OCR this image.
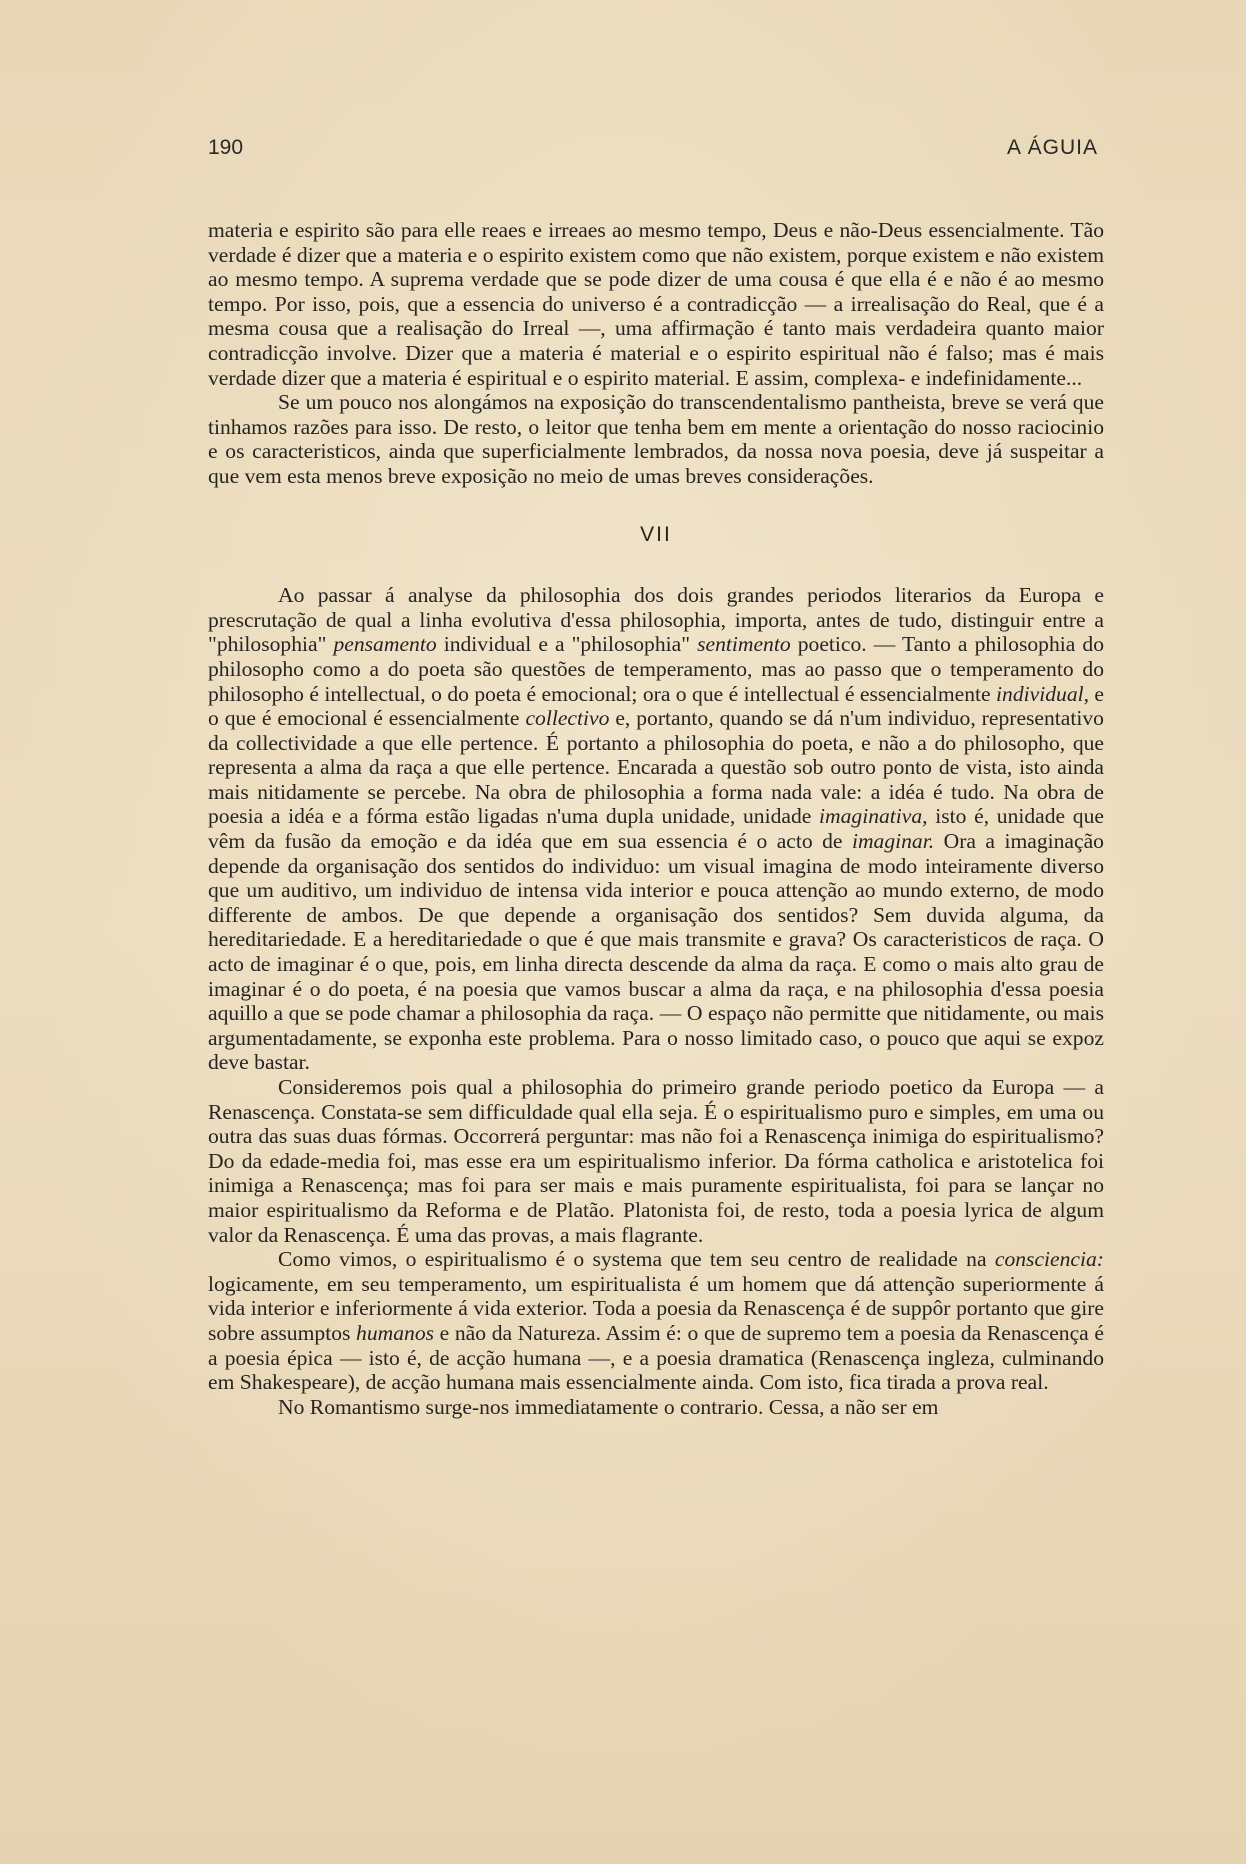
190	A ÁGUIA

materia e espirito são para elle reaes e irreaes ao mesmo tempo, Deus e não-Deus essencialmente. Tão verdade é dizer que a materia e o espirito existem como que não existem, porque existem e não existem ao mesmo tempo. A suprema verdade que se pode dizer de uma cousa é que ella é e não é ao mesmo tempo. Por isso, pois, que a essencia do universo é a contradicção — a irrealisação do Real, que é a mesma cousa que a realisação do Irreal —, uma affirmação é tanto mais verdadeira quanto maior contradicção involve. Dizer que a materia é material e o espirito espiritual não é falso; mas é mais verdade dizer que a materia é espiritual e o espirito material. E assim, complexa- e indefinidamente...

Se um pouco nos alongámos na exposição do transcendentalismo pantheista, breve se verá que tinhamos razões para isso. De resto, o leitor que tenha bem em mente a orientação do nosso raciocinio e os caracteristicos, ainda que superficialmente lembrados, da nossa nova poesia, deve já suspeitar a que vem esta menos breve exposição no meio de umas breves considerações.

VII

Ao passar á analyse da philosophia dos dois grandes periodos literarios da Europa e prescrutação de qual a linha evolutiva d'essa philosophia, importa, antes de tudo, distinguir entre a "philosophia" pensamento individual e a "philosophia" sentimento poetico. — Tanto a philosophia do philosopho como a do poeta são questões de temperamento, mas ao passo que o temperamento do philosopho é intellectual, o do poeta é emocional; ora o que é intellectual é essencialmente individual, e o que é emocional é essencialmente collectivo e, portanto, quando se dá n'um individuo, representativo da collectividade a que elle pertence. É portanto a philosophia do poeta, e não a do philosopho, que representa a alma da raça a que elle pertence. Encarada a questão sob outro ponto de vista, isto ainda mais nitidamente se percebe. Na obra de philosophia a forma nada vale: a idéa é tudo. Na obra de poesia a idéa e a fórma estão ligadas n'uma dupla unidade, unidade imaginativa, isto é, unidade que vêm da fusão da emoção e da idéa que em sua essencia é o acto de imaginar. Ora a imaginação depende da organisação dos sentidos do individuo: um visual imagina de modo inteiramente diverso que um auditivo, um individuo de intensa vida interior e pouca attenção ao mundo externo, de modo differente de ambos. De que depende a organisação dos sentidos? Sem duvida alguma, da hereditariedade. E a hereditariedade o que é que mais transmite e grava? Os caracteristicos de raça. O acto de imaginar é o que, pois, em linha directa descende da alma da raça. E como o mais alto grau de imaginar é o do poeta, é na poesia que vamos buscar a alma da raça, e na philosophia d'essa poesia aquillo a que se pode chamar a philosophia da raça. — O espaço não permitte que nitidamente, ou mais argumentadamente, se exponha este problema. Para o nosso limitado caso, o pouco que aqui se expoz deve bastar.

Consideremos pois qual a philosophia do primeiro grande periodo poetico da Europa — a Renascença. Constata-se sem difficuldade qual ella seja. É o espiritualismo puro e simples, em uma ou outra das suas duas fórmas. Occorrerá perguntar: mas não foi a Renascença inimiga do espiritualismo? Do da edade-media foi, mas esse era um espiritualismo inferior. Da fórma catholica e aristotelica foi inimiga a Renascença; mas foi para ser mais e mais puramente espiritualista, foi para se lançar no maior espiritualismo da Reforma e de Platão. Platonista foi, de resto, toda a poesia lyrica de algum valor da Renascença. É uma das provas, a mais flagrante.

Como vimos, o espiritualismo é o systema que tem seu centro de realidade na consciencia: logicamente, em seu temperamento, um espiritualista é um homem que dá attenção superiormente á vida interior e inferiormente á vida exterior. Toda a poesia da Renascença é de suppôr portanto que gire sobre assumptos humanos e não da Natureza. Assim é: o que de supremo tem a poesia da Renascença é a poesia épica — isto é, de acção humana —, e a poesia dramatica (Renascença ingleza, culminando em Shakespeare), de acção humana mais essencialmente ainda. Com isto, fica tirada a prova real.

No Romantismo surge-nos immediatamente o contrario. Cessa, a não ser em
